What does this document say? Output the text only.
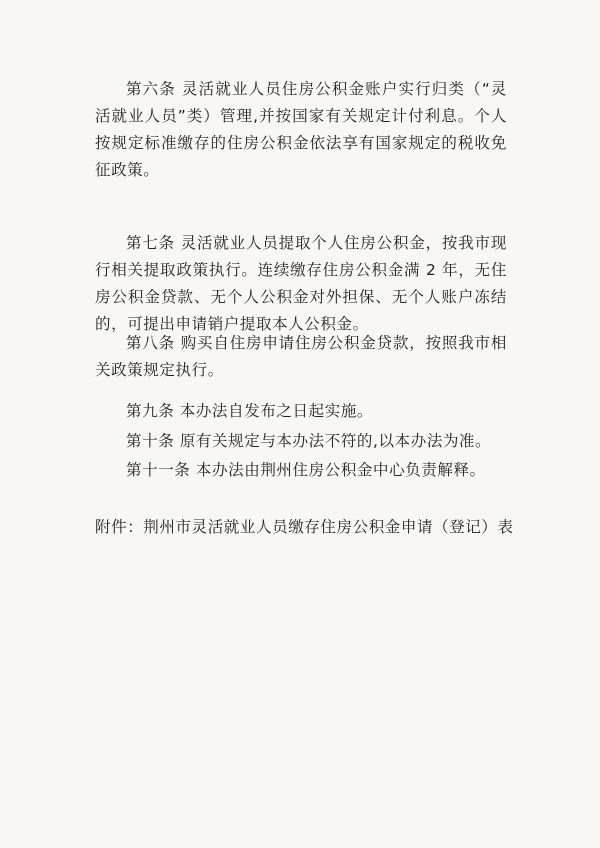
第六条 灵活就业人员住房公积金账户实行归类（“灵活就业人员”类）管理,并按国家有关规定计付利息。个人按规定标准缴存的住房公积金依法享有国家规定的税收免征政策。

第七条 灵活就业人员提取个人住房公积金，按我市现行相关提取政策执行。连续缴存住房公积金满 2 年，无住房公积金贷款、无个人公积金对外担保、无个人账户冻结的，可提出申请销户提取本人公积金。

第八条 购买自住房申请住房公积金贷款，按照我市相关政策规定执行。

第九条 本办法自发布之日起实施。

第十条 原有关规定与本办法不符的,以本办法为准。

第十一条 本办法由荆州住房公积金中心负责解释。

附件：荆州市灵活就业人员缴存住房公积金申请（登记）表
